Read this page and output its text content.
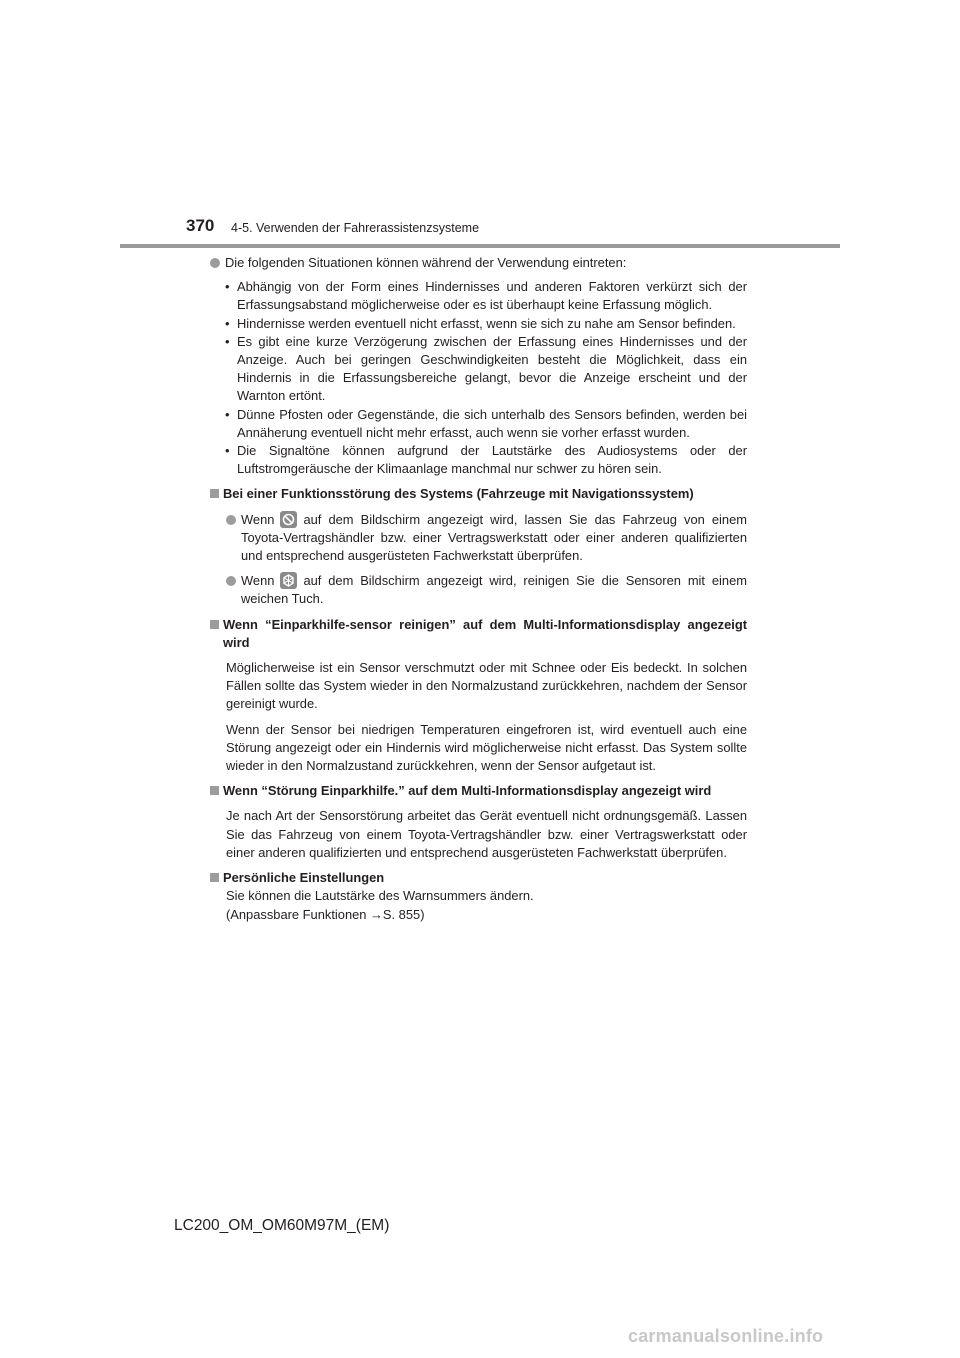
370 4-5. Verwenden der Fahrerassistenzsysteme
Die folgenden Situationen können während der Verwendung eintreten:
• Abhängig von der Form eines Hindernisses und anderen Faktoren verkürzt sich der Erfassungsabstand möglicherweise oder es ist überhaupt keine Erfassung möglich.
• Hindernisse werden eventuell nicht erfasst, wenn sie sich zu nahe am Sensor befinden.
• Es gibt eine kurze Verzögerung zwischen der Erfassung eines Hindernisses und der Anzeige. Auch bei geringen Geschwindigkeiten besteht die Möglichkeit, dass ein Hindernis in die Erfassungsbereiche gelangt, bevor die Anzeige erscheint und der Warnton ertönt.
• Dünne Pfosten oder Gegenstände, die sich unterhalb des Sensors befinden, werden bei Annäherung eventuell nicht mehr erfasst, auch wenn sie vorher erfasst wurden.
• Die Signaltöne können aufgrund der Lautstärke des Audiosystems oder der Luftstromgeräusche der Klimaanlage manchmal nur schwer zu hören sein.
Bei einer Funktionsstörung des Systems (Fahrzeuge mit Navigationssystem)
Wenn auf dem Bildschirm angezeigt wird, lassen Sie das Fahrzeug von einem Toyota-Vertragshändler bzw. einer Vertragswerkstatt oder einer anderen qualifizierten und entsprechend ausgerüsteten Fachwerkstatt überprüfen.
Wenn auf dem Bildschirm angezeigt wird, reinigen Sie die Sensoren mit einem weichen Tuch.
Wenn “Einparkhilfe-sensor reinigen” auf dem Multi-Informationsdisplay angezeigt wird
Möglicherweise ist ein Sensor verschmutzt oder mit Schnee oder Eis bedeckt. In solchen Fällen sollte das System wieder in den Normalzustand zurückkehren, nachdem der Sensor gereinigt wurde.
Wenn der Sensor bei niedrigen Temperaturen eingefroren ist, wird eventuell auch eine Störung angezeigt oder ein Hindernis wird möglicherweise nicht erfasst. Das System sollte wieder in den Normalzustand zurückkehren, wenn der Sensor aufgetaut ist.
Wenn “Störung Einparkhilfe.” auf dem Multi-Informationsdisplay angezeigt wird
Je nach Art der Sensorstörung arbeitet das Gerät eventuell nicht ordnungsgemäß. Lassen Sie das Fahrzeug von einem Toyota-Vertragshändler bzw. einer Vertragswerkstatt oder einer anderen qualifizierten und entsprechend ausgerüsteten Fachwerkstatt überprüfen.
Persönliche Einstellungen
Sie können die Lautstärke des Warnsummers ändern.
(Anpassbare Funktionen →S. 855)
LC200_OM_OM60M97M_(EM)
carmanualsonline.info
